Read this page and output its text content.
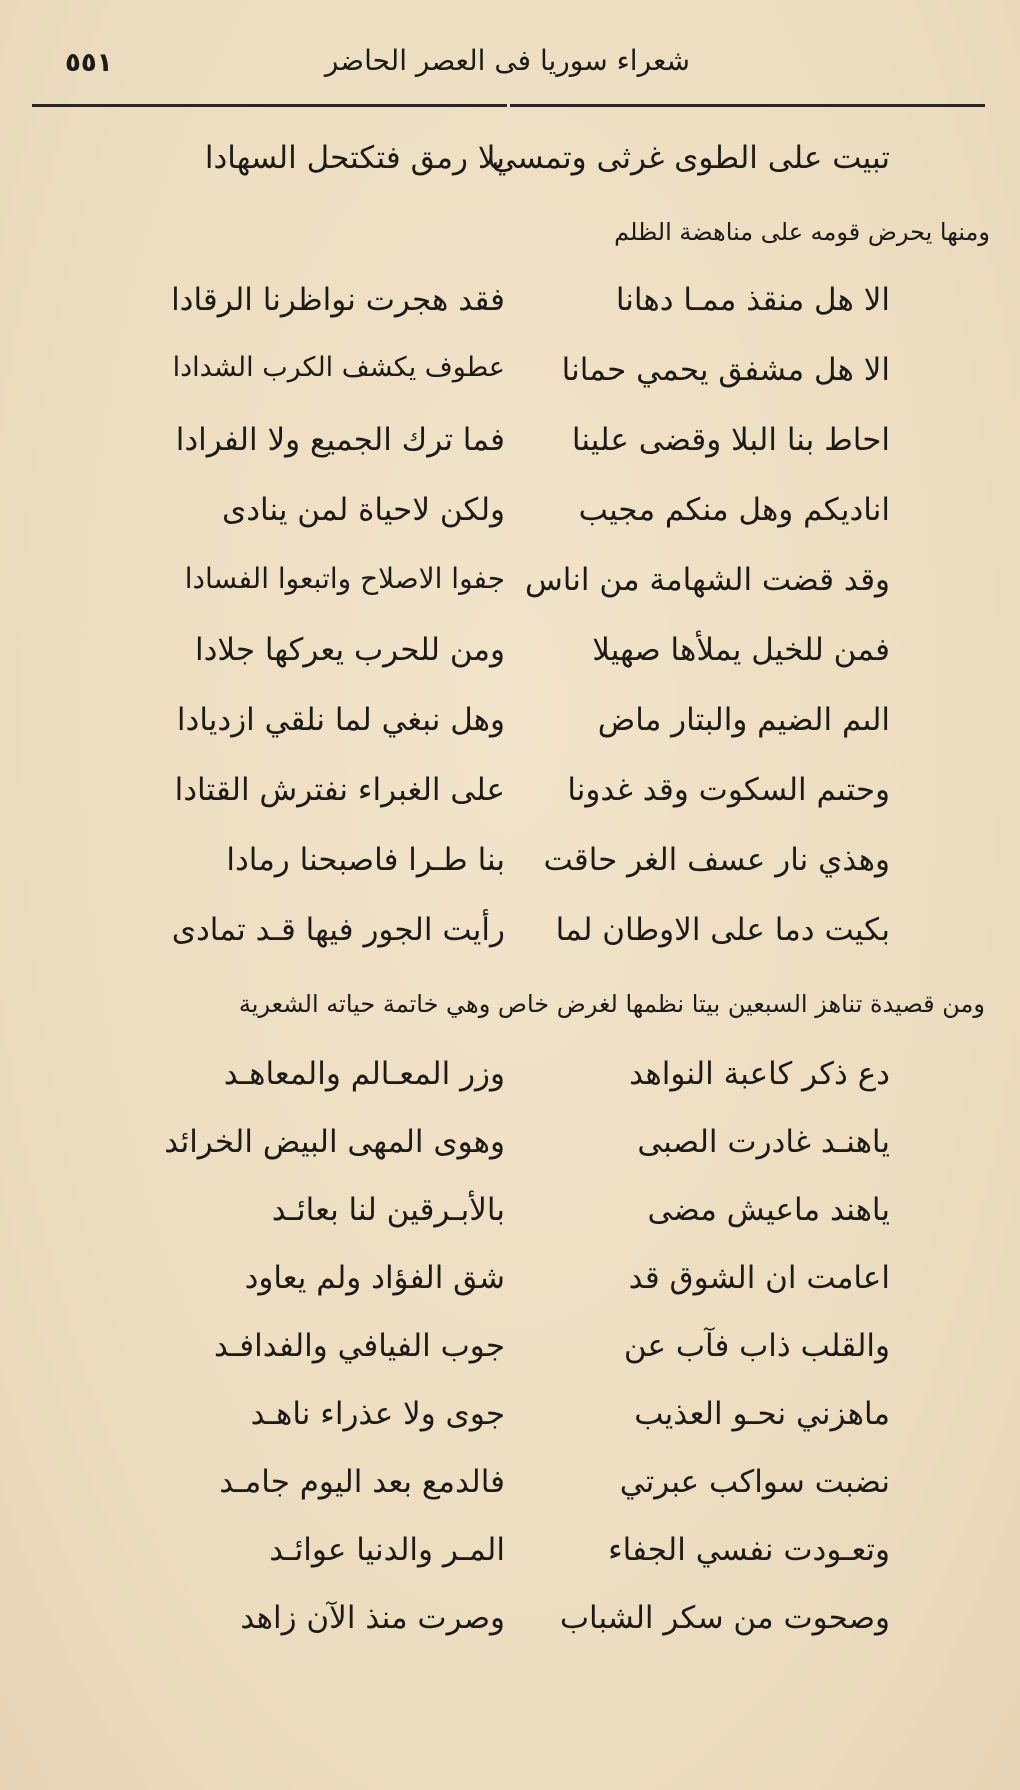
شعراء سوريا فى العصر الحاضر
٥٥١
تبيت على الطوى غرثى وتمسي
بلا رمق فتكتحل السهادا
ومنها يحرض قومه على مناهضة الظلم
الا هل منقذ ممـا دهانا
فقد هجرت نواظرنا الرقادا
الا هل مشفق يحمي حمانا
عطوف يكشف الكرب الشدادا
احاط بنا البلا وقضى علينا
فما ترك الجميع ولا الفرادا
اناديكم وهل منكم مجيب
ولكن لاحياة لمن ينادى
وقد قضت الشهامة من اناس
جفوا الاصلاح واتبعوا الفسادا
فمن للخيل يملأها صهيلا
ومن للحرب يعركها جلادا
الىم الضيم والبتار ماض
وهل نبغي لما نلقي ازديادا
وحتىم السكوت وقد غدونا
على الغبراء نفترش القتادا
وهذي نار عسف الغر حاقت
بنا طـرا فاصبحنا رمادا
بكيت دما على الاوطان لما
رأيت الجور فيها قـد تمادى
ومن قصيدة تناهز السبعين بيتا نظمها لغرض خاص وهي خاتمة حياته الشعرية
دع ذكر كاعبة النواهد
وزر المعـالم والمعاهـد
ياهنـد غادرت الصبى
وهوى المهى البيض الخرائد
ياهند ماعيش مضى
بالأبـرقين لنا بعائـد
اعامت ان الشوق قد
شق الفؤاد ولم يعاود
والقلب ذاب فآب عن
جوب الفيافي والفدافـد
ماهزني نحـو العذيب
جوى ولا عذراء ناهـد
نضبت سواكب عبرتي
فالدمع بعد اليوم جامـد
وتعـودت نفسي الجفاء
المـر والدنيا عوائـد
وصحوت من سكر الشباب
وصرت منذ الآن زاهد
